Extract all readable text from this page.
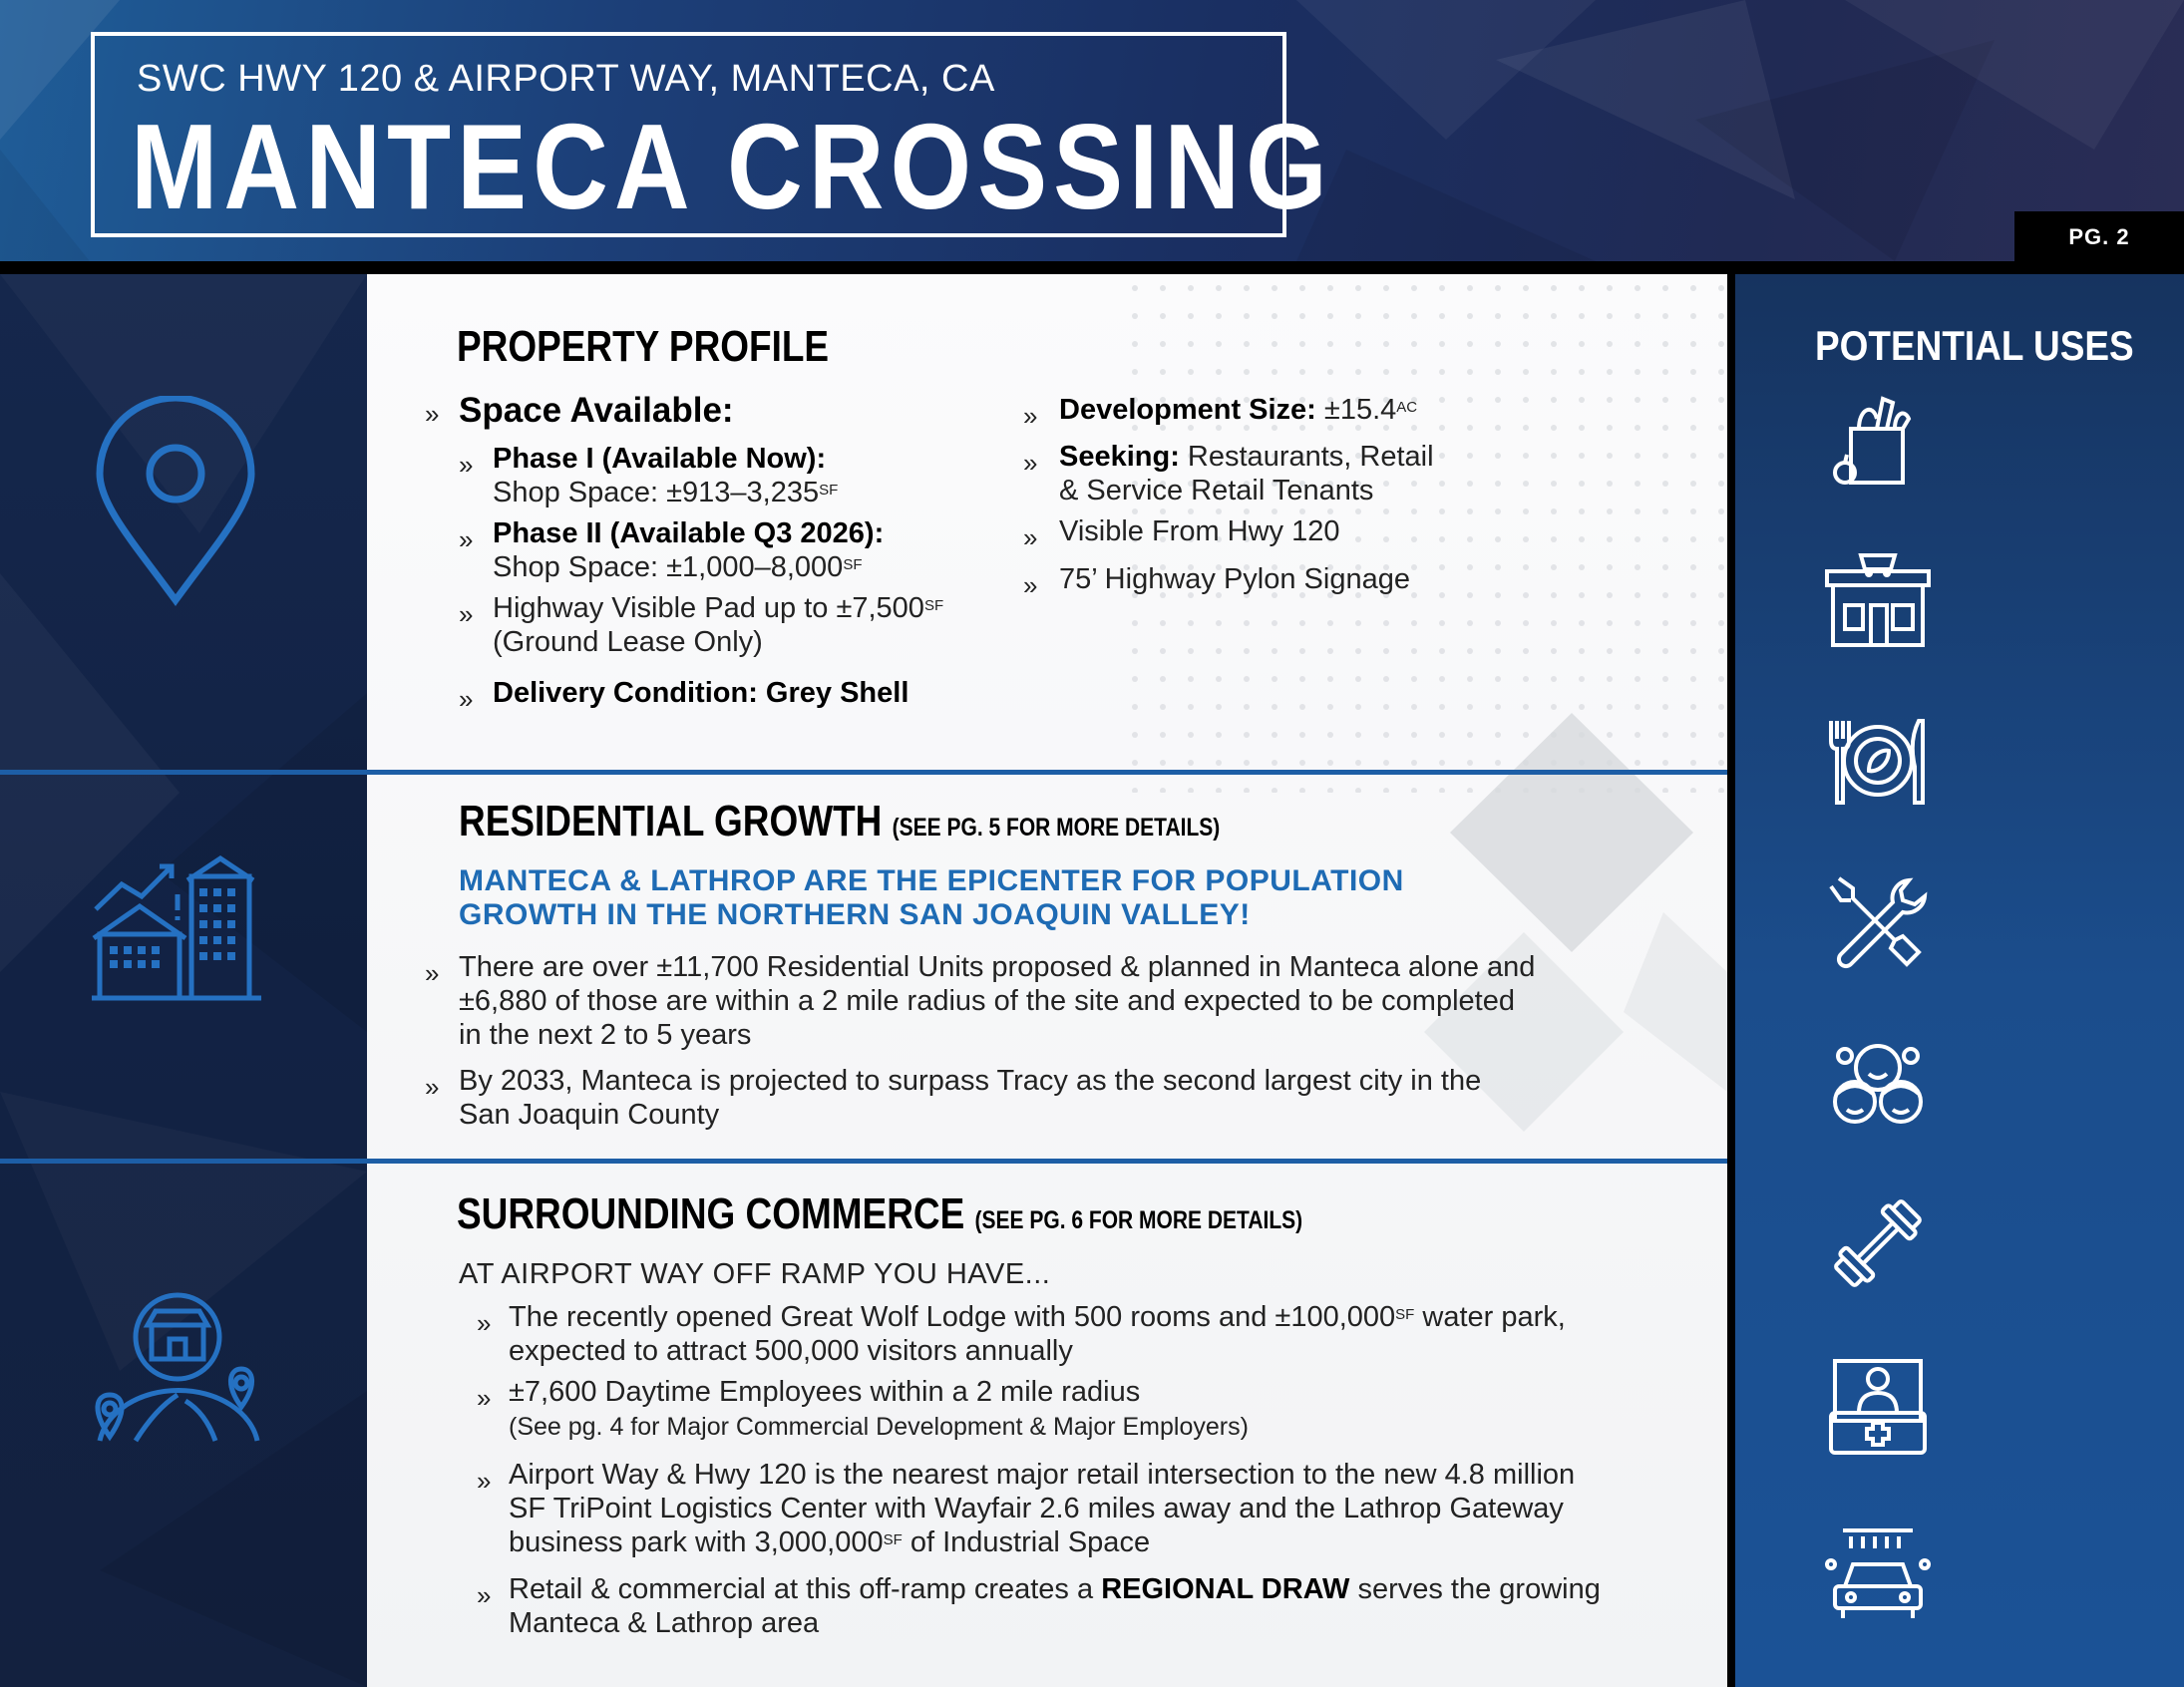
SWC HWY 120 & AIRPORT WAY, MANTECA, CA
MANTECA CROSSING
PG. 2
PROPERTY PROFILE
» Space Available:
» Phase I (Available Now):
Shop Space: $\pm 913-3,235^{SF}$
» Phase II (Available Q3 2026):
Shop Space: $\pm 1,000-8,000^{SF}$
» Highway Visible Pad up to $\pm 7,500^{SF}$
(Ground Lease Only)
» Delivery Condition: Grey Shell
» Development Size: $\pm 15.4^{AC}$
» Seeking: Restaurants, Retail
& Service Retail Tenants
» Visible From Hwy 120
» 75’ Highway Pylon Signage
RESIDENTIAL GROWTH (SEE PG. 5 FOR MORE DETAILS)
MANTECA & LATHROP ARE THE EPICENTER FOR POPULATION
GROWTH IN THE NORTHERN SAN JOAQUIN VALLEY!
» There are over ±11,700 Residential Units proposed & planned in Manteca alone and
±6,880 of those are within a 2 mile radius of the site and expected to be completed
in the next 2 to 5 years
» By 2033, Manteca is projected to surpass Tracy as the second largest city in the
San Joaquin County
SURROUNDING COMMERCE (SEE PG. 6 FOR MORE DETAILS)
AT AIRPORT WAY OFF RAMP YOU HAVE...
» The recently opened Great Wolf Lodge with 500 rooms and $\pm 100,000^{SF}$ water park,
expected to attract 500,000 visitors annually
» ±7,600 Daytime Employees within a 2 mile radius
(See pg. 4 for Major Commercial Development & Major Employers)
» Airport Way & Hwy 120 is the nearest major retail intersection to the new 4.8 million
SF TriPoint Logistics Center with Wayfair 2.6 miles away and the Lathrop Gateway
business park with $3,000,000^{SF}$ of Industrial Space
» Retail & commercial at this off-ramp creates a REGIONAL DRAW serves the growing
Manteca & Lathrop area
POTENTIAL USES
